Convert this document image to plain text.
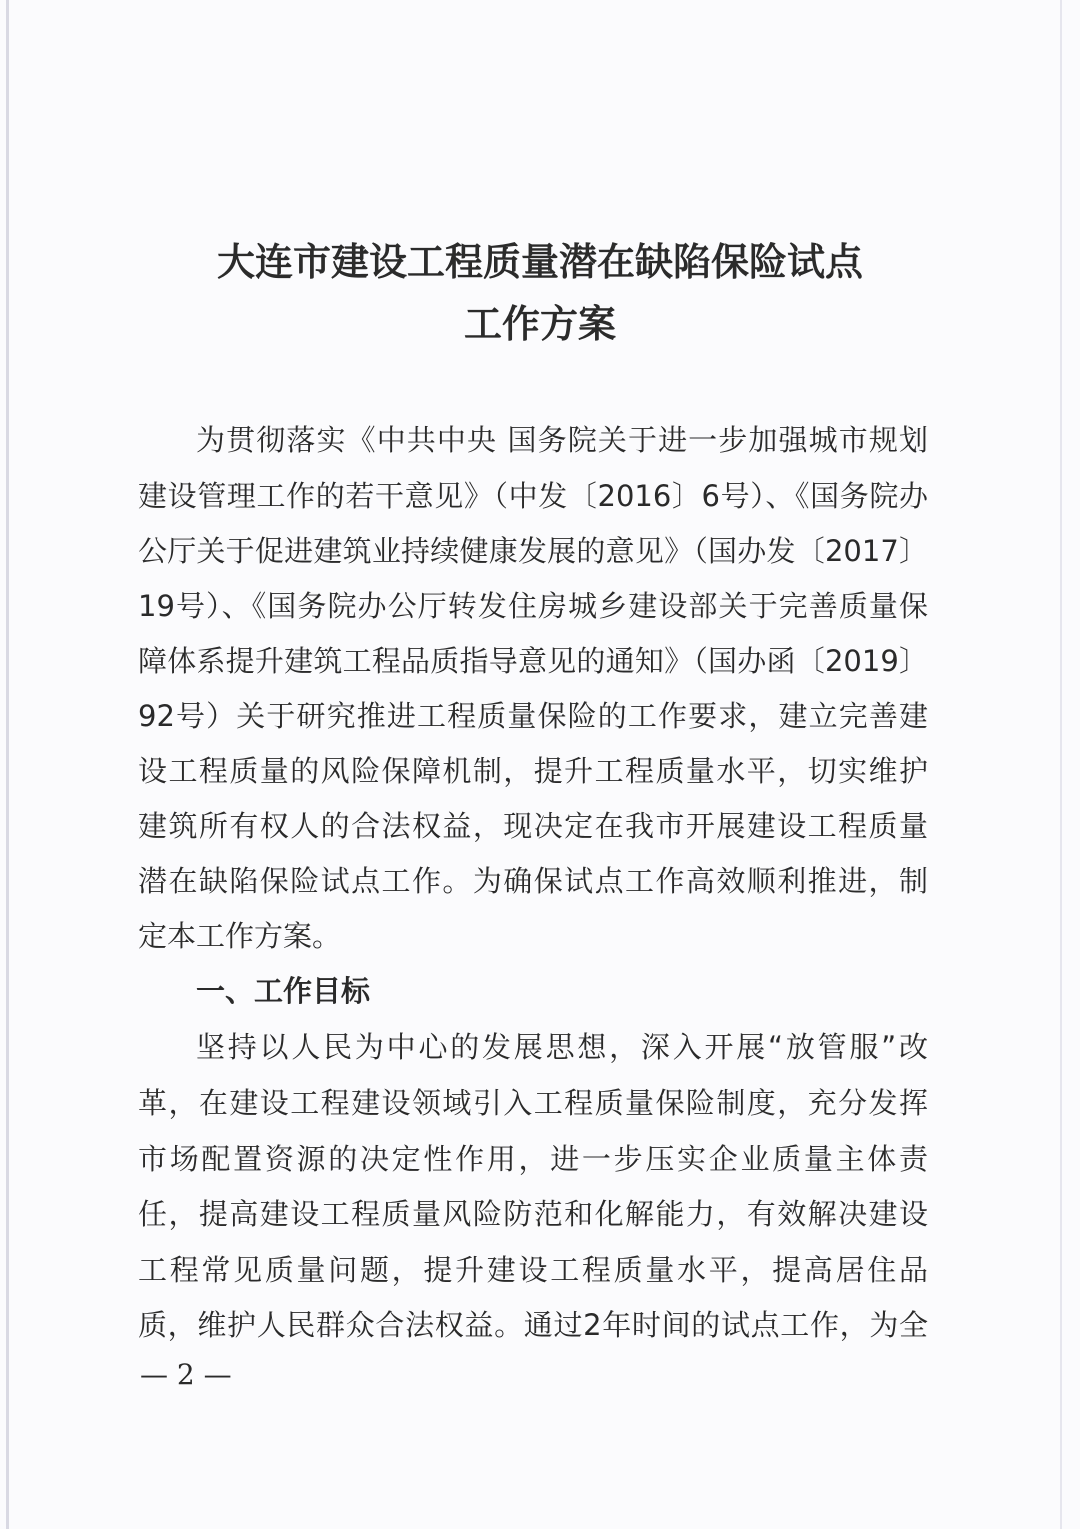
大连市建设工程质量潜在缺陷保险试点
工作方案
为贯彻落实《中共中央 国务院关于进一步加强城市规划
建设管理工作的若干意见》（中发〔2016〕6号）、《国务院办
公厅关于促进建筑业持续健康发展的意见》（国办发〔2017〕
19号）、《国务院办公厅转发住房城乡建设部关于完善质量保
障体系提升建筑工程品质指导意见的通知》（国办函〔2019〕
92号）关于研究推进工程质量保险的工作要求，建立完善建
设工程质量的风险保障机制，提升工程质量水平，切实维护
建筑所有权人的合法权益，现决定在我市开展建设工程质量
潜在缺陷保险试点工作。为确保试点工作高效顺利推进，制
定本工作方案。
一、工作目标
坚持以人民为中心的发展思想，深入开展“放管服”改
革，在建设工程建设领域引入工程质量保险制度，充分发挥
市场配置资源的决定性作用，进一步压实企业质量主体责
任，提高建设工程质量风险防范和化解能力，有效解决建设
工程常见质量问题，提升建设工程质量水平，提高居住品
质，维护人民群众合法权益。通过2年时间的试点工作，为全
— 2 —
